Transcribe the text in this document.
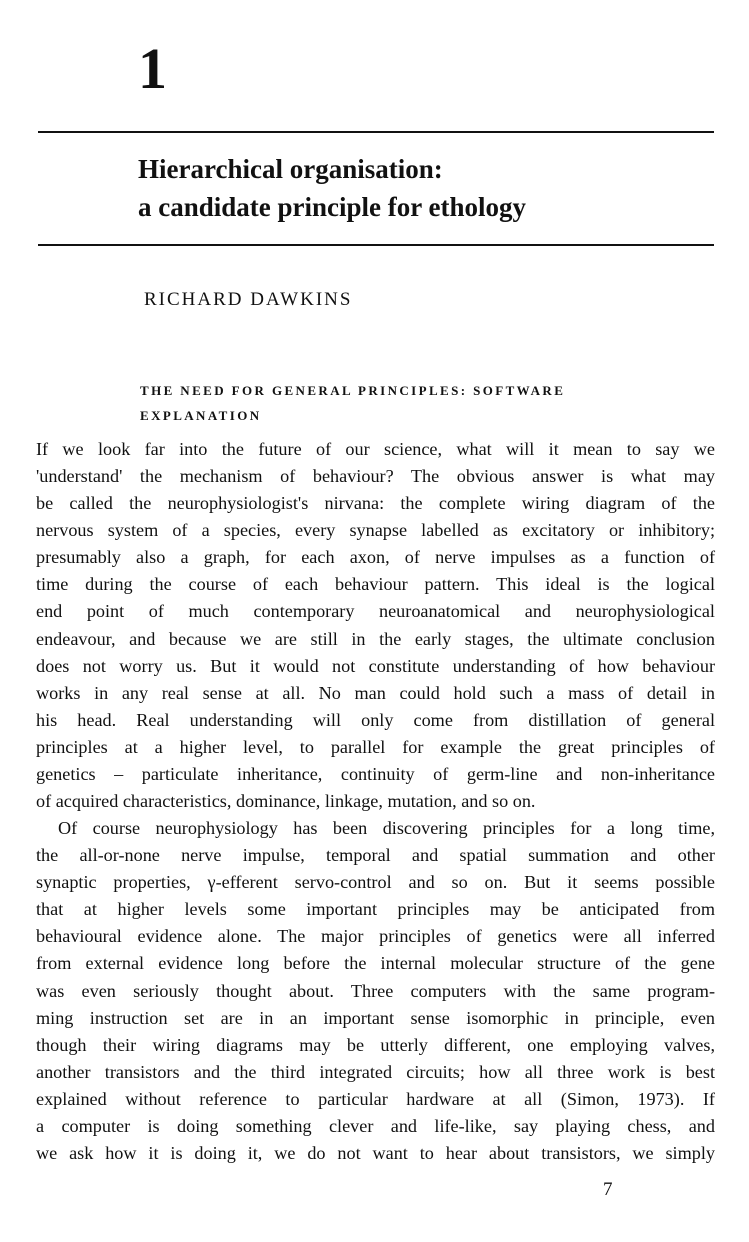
1
Hierarchical organisation:
a candidate principle for ethology
RICHARD DAWKINS
THE NEED FOR GENERAL PRINCIPLES: SOFTWARE
EXPLANATION
If we look far into the future of our science, what will it mean to say we
'understand' the mechanism of behaviour? The obvious answer is what may
be called the neurophysiologist's nirvana: the complete wiring diagram of the
nervous system of a species, every synapse labelled as excitatory or inhibitory;
presumably also a graph, for each axon, of nerve impulses as a function of
time during the course of each behaviour pattern. This ideal is the logical
end point of much contemporary neuroanatomical and neurophysiological
endeavour, and because we are still in the early stages, the ultimate conclusion
does not worry us. But it would not constitute understanding of how behaviour
works in any real sense at all. No man could hold such a mass of detail in
his head. Real understanding will only come from distillation of general
principles at a higher level, to parallel for example the great principles of
genetics – particulate inheritance, continuity of germ-line and non-inheritance
of acquired characteristics, dominance, linkage, mutation, and so on.
Of course neurophysiology has been discovering principles for a long time,
the all-or-none nerve impulse, temporal and spatial summation and other
synaptic properties, γ-efferent servo-control and so on. But it seems possible
that at higher levels some important principles may be anticipated from
behavioural evidence alone. The major principles of genetics were all inferred
from external evidence long before the internal molecular structure of the gene
was even seriously thought about. Three computers with the same program-
ming instruction set are in an important sense isomorphic in principle, even
though their wiring diagrams may be utterly different, one employing valves,
another transistors and the third integrated circuits; how all three work is best
explained without reference to particular hardware at all (Simon, 1973). If
a computer is doing something clever and life-like, say playing chess, and
we ask how it is doing it, we do not want to hear about transistors, we simply
7
